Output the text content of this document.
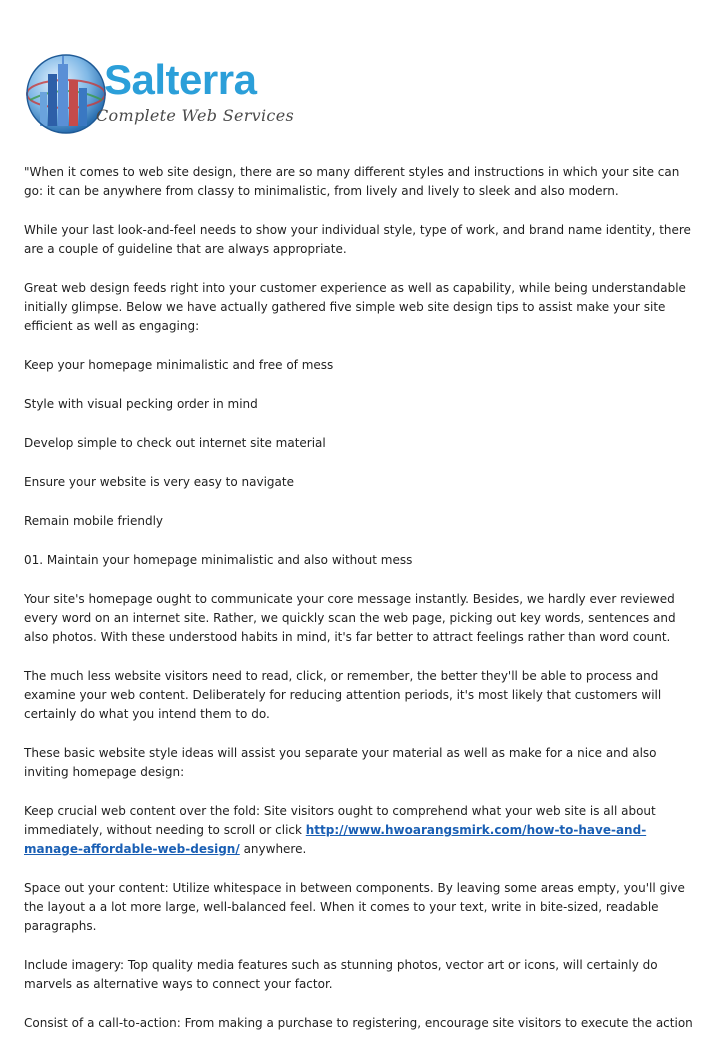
Salterra
Complete Web Services

"When it comes to web site design, there are so many different styles and instructions in which your site can go: it can be anywhere from classy to minimalistic, from lively and lively to sleek and also modern.

While your last look-and-feel needs to show your individual style, type of work, and brand name identity, there are a couple of guideline that are always appropriate.

Great web design feeds right into your customer experience as well as capability, while being understandable initially glimpse. Below we have actually gathered five simple web site design tips to assist make your site efficient as well as engaging:

Keep your homepage minimalistic and free of mess

Style with visual pecking order in mind

Develop simple to check out internet site material

Ensure your website is very easy to navigate

Remain mobile friendly

01. Maintain your homepage minimalistic and also without mess

Your site's homepage ought to communicate your core message instantly. Besides, we hardly ever reviewed every word on an internet site. Rather, we quickly scan the web page, picking out key words, sentences and also photos. With these understood habits in mind, it's far better to attract feelings rather than word count.

The much less website visitors need to read, click, or remember, the better they'll be able to process and examine your web content. Deliberately for reducing attention periods, it's most likely that customers will certainly do what you intend them to do.

These basic website style ideas will assist you separate your material as well as make for a nice and also inviting homepage design:

Keep crucial web content over the fold: Site visitors ought to comprehend what your web site is all about immediately, without needing to scroll or click http://www.hwoarangsmirk.com/how-to-have-and-manage-affordable-web-design/ anywhere.

Space out your content: Utilize whitespace in between components. By leaving some areas empty, you'll give the layout a a lot more large, well-balanced feel. When it comes to your text, write in bite-sized, readable paragraphs.

Include imagery: Top quality media features such as stunning photos, vector art or icons, will certainly do marvels as alternative ways to connect your factor.

Consist of a call-to-action: From making a purchase to registering, encourage site visitors to execute the action
